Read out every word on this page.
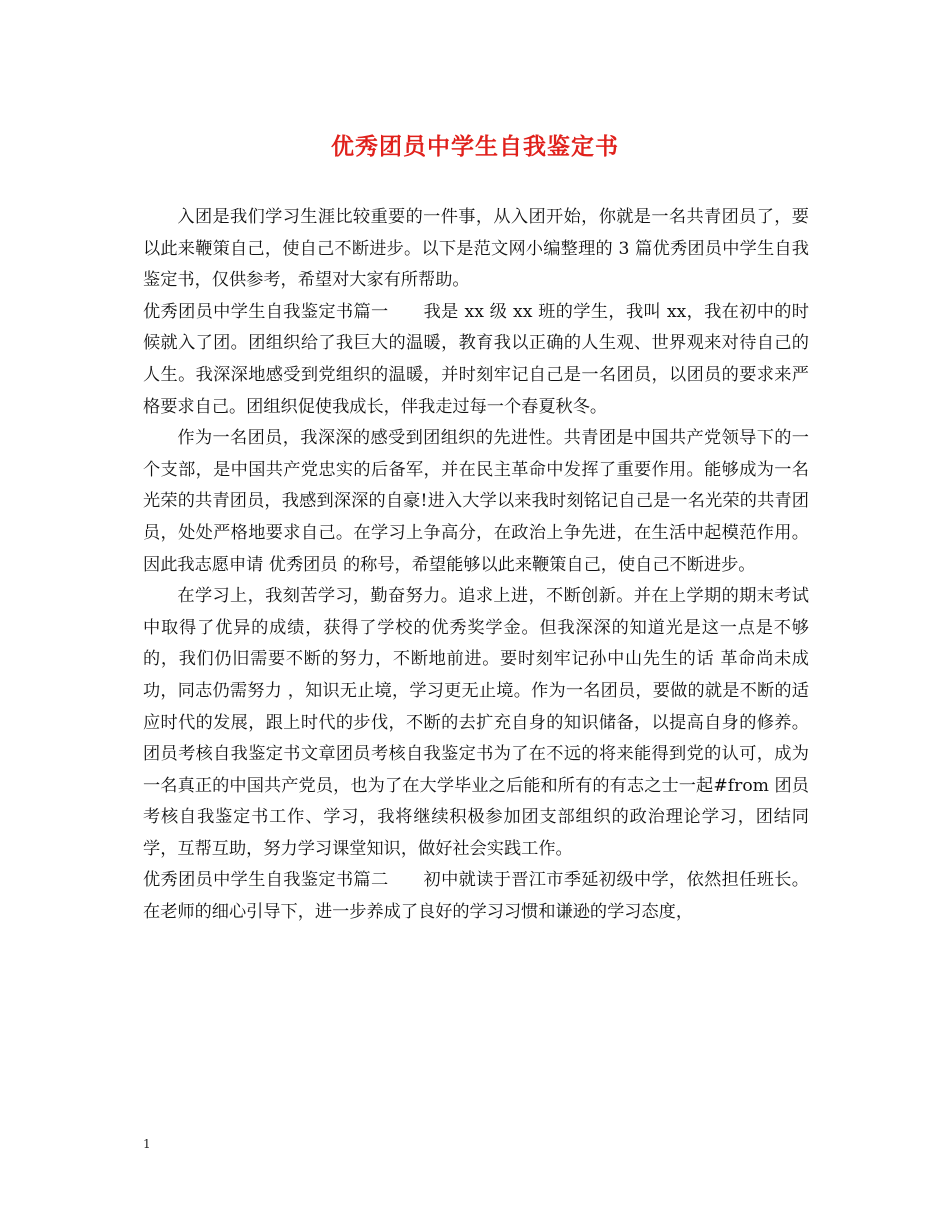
优秀团员中学生自我鉴定书

入团是我们学习生涯比较重要的一件事，从入团开始，你就是一名共青团员了，要以此来鞭策自己，使自己不断进步。以下是范文网小编整理的 3 篇优秀团员中学生自我鉴定书，仅供参考，希望对大家有所帮助。

优秀团员中学生自我鉴定书篇一　　我是 xx 级 xx 班的学生，我叫 xx，我在初中的时候就入了团。团组织给了我巨大的温暖，教育我以正确的人生观、世界观来对待自己的人生。我深深地感受到党组织的温暖，并时刻牢记自己是一名团员，以团员的要求来严格要求自己。团组织促使我成长，伴我走过每一个春夏秋冬。

作为一名团员，我深深的感受到团组织的先进性。共青团是中国共产党领导下的一个支部，是中国共产党忠实的后备军，并在民主革命中发挥了重要作用。能够成为一名光荣的共青团员，我感到深深的自豪!进入大学以来我时刻铭记自己是一名光荣的共青团员，处处严格地要求自己。在学习上争高分，在政治上争先进，在生活中起模范作用。因此我志愿申请 优秀团员 的称号，希望能够以此来鞭策自己，使自己不断进步。

在学习上，我刻苦学习，勤奋努力。追求上进，不断创新。并在上学期的期末考试中取得了优异的成绩，获得了学校的优秀奖学金。但我深深的知道光是这一点是不够的，我们仍旧需要不断的努力，不断地前进。要时刻牢记孙中山先生的话 革命尚未成功，同志仍需努力 ，知识无止境，学习更无止境。作为一名团员，要做的就是不断的适应时代的发展，跟上时代的步伐，不断的去扩充自身的知识储备，以提高自身的修养。团员考核自我鉴定书文章团员考核自我鉴定书为了在不远的将来能得到党的认可，成为一名真正的中国共产党员，也为了在大学毕业之后能和所有的有志之士一起#from 团员考核自我鉴定书工作、学习，我将继续积极参加团支部组织的政治理论学习，团结同学，互帮互助，努力学习课堂知识，做好社会实践工作。

优秀团员中学生自我鉴定书篇二　　初中就读于晋江市季延初级中学，依然担任班长。在老师的细心引导下，进一步养成了良好的学习习惯和谦逊的学习态度，

1
